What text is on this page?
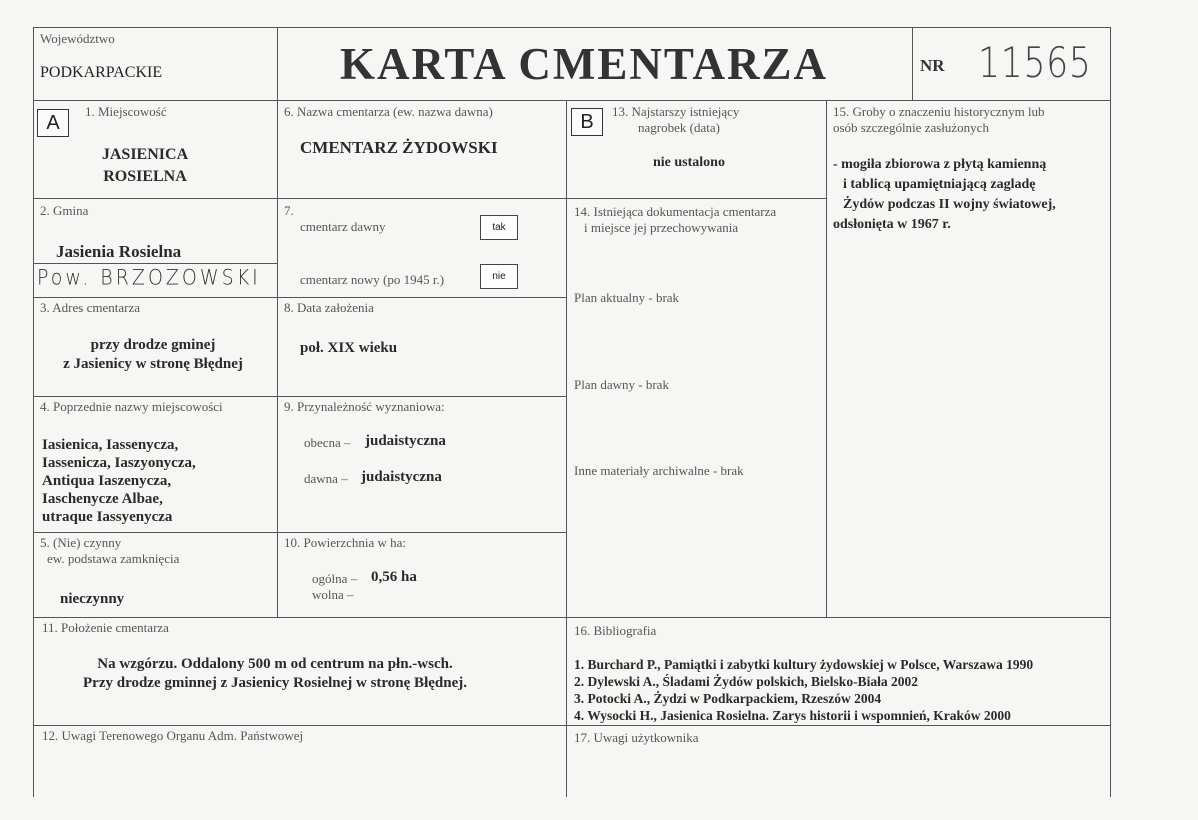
Województwo
PODKARPACKIE	KARTA CMENTARZA	NR 11565
A	B
1. Miejscowość
JASIENICA
ROSIELNA
6. Nazwa cmentarza (ew. nazwa dawna)
CMENTARZ ŻYDOWSKI
13. Najstarszy istniejący
nagrobek (data)
nie ustalono
15. Groby o znaczeniu historycznym lub
osób szczególnie zasłużonych
- mogiła zbiorowa z płytą kamienną
i tablicą upamiętniającą zagladę
Żydów podczas II wojny światowej,
odsłonięta w 1967 r.
2. Gmina
Jasienia Rosielna
Pow. BRZOZOWSKI
7.
cmentarz dawny	tak
cmentarz nowy (po 1945 r.)	nie
14. Istniejąca dokumentacja cmentarza
i miejsce jej przechowywania
Plan aktualny - brak
Plan dawny - brak
Inne materiały archiwalne - brak
3. Adres cmentarza
przy drodze gminej
z Jasienicy w stronę Błędnej
8. Data założenia
poł. XIX wieku
4. Poprzednie nazwy miejscowości
Iasienica, Iassenycza,
Iassenicza, Iaszyonycza,
Antiqua Iaszenycza,
Iaschenycze Albae,
utraque Iassyenycza
9. Przynależność wyznaniowa:
obecna – judaistyczna
dawna – judaistyczna
5. (Nie) czynny
ew. podstawa zamknięcia
nieczynny
10. Powierzchnia w ha:
ogólna – 0,56 ha
wolna –
11. Położenie cmentarza
Na wzgórzu. Oddalony 500 m od centrum na płn.-wsch.
Przy drodze gminnej z Jasienicy Rosielnej w stronę Błędnej.
16. Bibliografia
1. Burchard P., Pamiątki i zabytki kultury żydowskiej w Polsce, Warszawa 1990
2. Dylewski A., Śladami Żydów polskich, Bielsko-Biała 2002
3. Potocki A., Żydzi w Podkarpackiem, Rzeszów 2004
4. Wysocki H., Jasienica Rosielna. Zarys historii i wspomnień, Kraków 2000
12. Uwagi Terenowego Organu Adm. Państwowej	17. Uwagi użytkownika
